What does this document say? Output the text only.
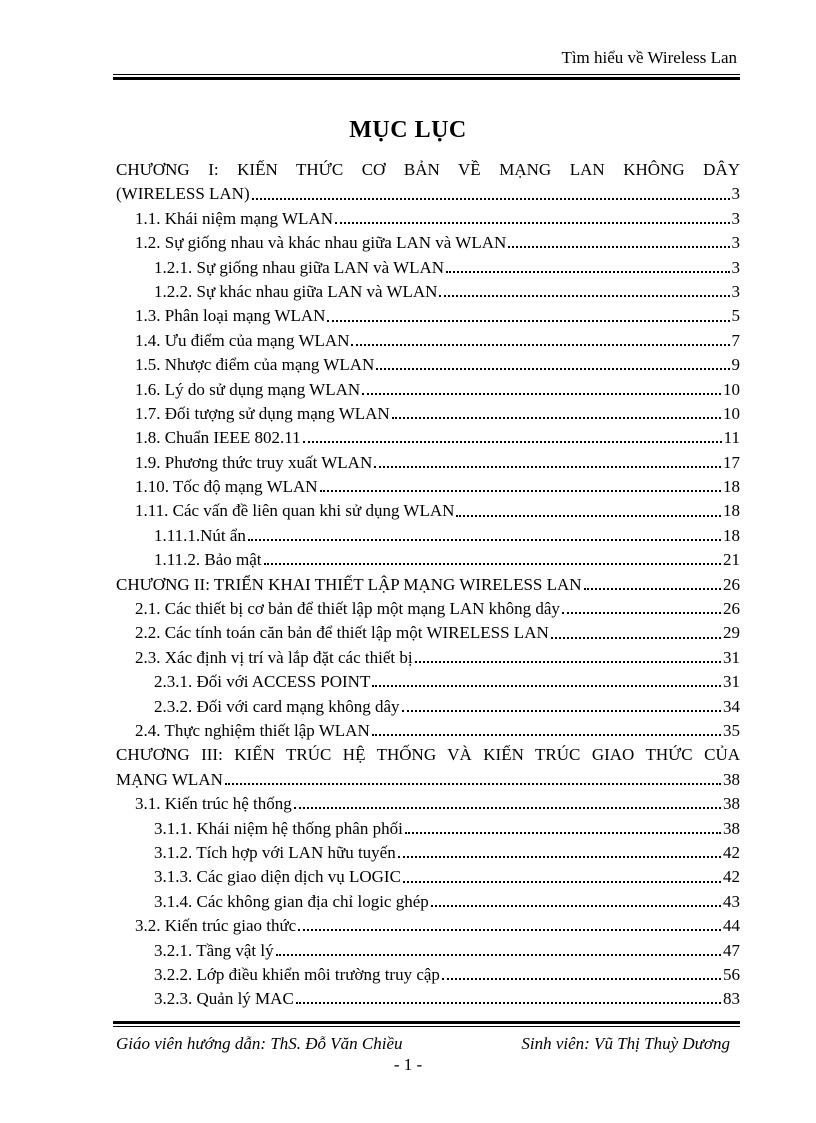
Tìm hiểu về Wireless Lan
MỤC LỤC
CHƯƠNG I: KIẾN THỨC CƠ BẢN VỀ MẠNG LAN KHÔNG DÂY
(WIRELESS LAN)	3
1.1. Khái niệm mạng WLAN	3
1.2. Sự giống nhau và khác nhau giữa LAN và WLAN	3
1.2.1. Sự giống nhau giữa LAN và WLAN	3
1.2.2. Sự khác nhau giữa LAN và WLAN	3
1.3. Phân loại mạng WLAN	5
1.4. Ưu điểm của mạng WLAN	7
1.5. Nhược điểm của mạng WLAN	9
1.6. Lý do sử dụng mạng WLAN	10
1.7. Đối tượng sử dụng mạng WLAN	10
1.8. Chuẩn IEEE 802.11	11
1.9. Phương thức truy xuất WLAN	17
1.10. Tốc độ mạng WLAN	18
1.11. Các vấn đề liên quan khi sử dụng WLAN	18
1.11.1.Nút ẩn	18
1.11.2. Bảo mật	21
CHƯƠNG II: TRIỂN KHAI THIẾT LẬP MẠNG WIRELESS LAN	26
2.1. Các thiết bị cơ bản để thiết lập một mạng LAN không dây	26
2.2. Các tính toán căn bản để thiết lập một WIRELESS LAN	29
2.3. Xác định vị trí và lắp đặt các thiết bị	31
2.3.1. Đối với ACCESS POINT	31
2.3.2. Đối với card mạng không dây	34
2.4. Thực nghiệm thiết lập WLAN	35
CHƯƠNG III: KIẾN TRÚC HỆ THỐNG VÀ KIẾN TRÚC GIAO THỨC CỦA
MẠNG WLAN	38
3.1. Kiến trúc hệ thống	38
3.1.1. Khái niệm hệ thống phân phối	38
3.1.2. Tích hợp với LAN hữu tuyến	42
3.1.3. Các giao diện dịch vụ LOGIC	42
3.1.4. Các không gian địa chỉ logic ghép	43
3.2. Kiến trúc giao thức	44
3.2.1. Tầng vật lý	47
3.2.2. Lớp điều khiển môi trường truy cập	56
3.2.3. Quản lý MAC	83
Giáo viên hướng dẫn: ThS. Đỗ Văn Chiều	Sinh viên: Vũ Thị Thuỳ Dương
- 1 -
